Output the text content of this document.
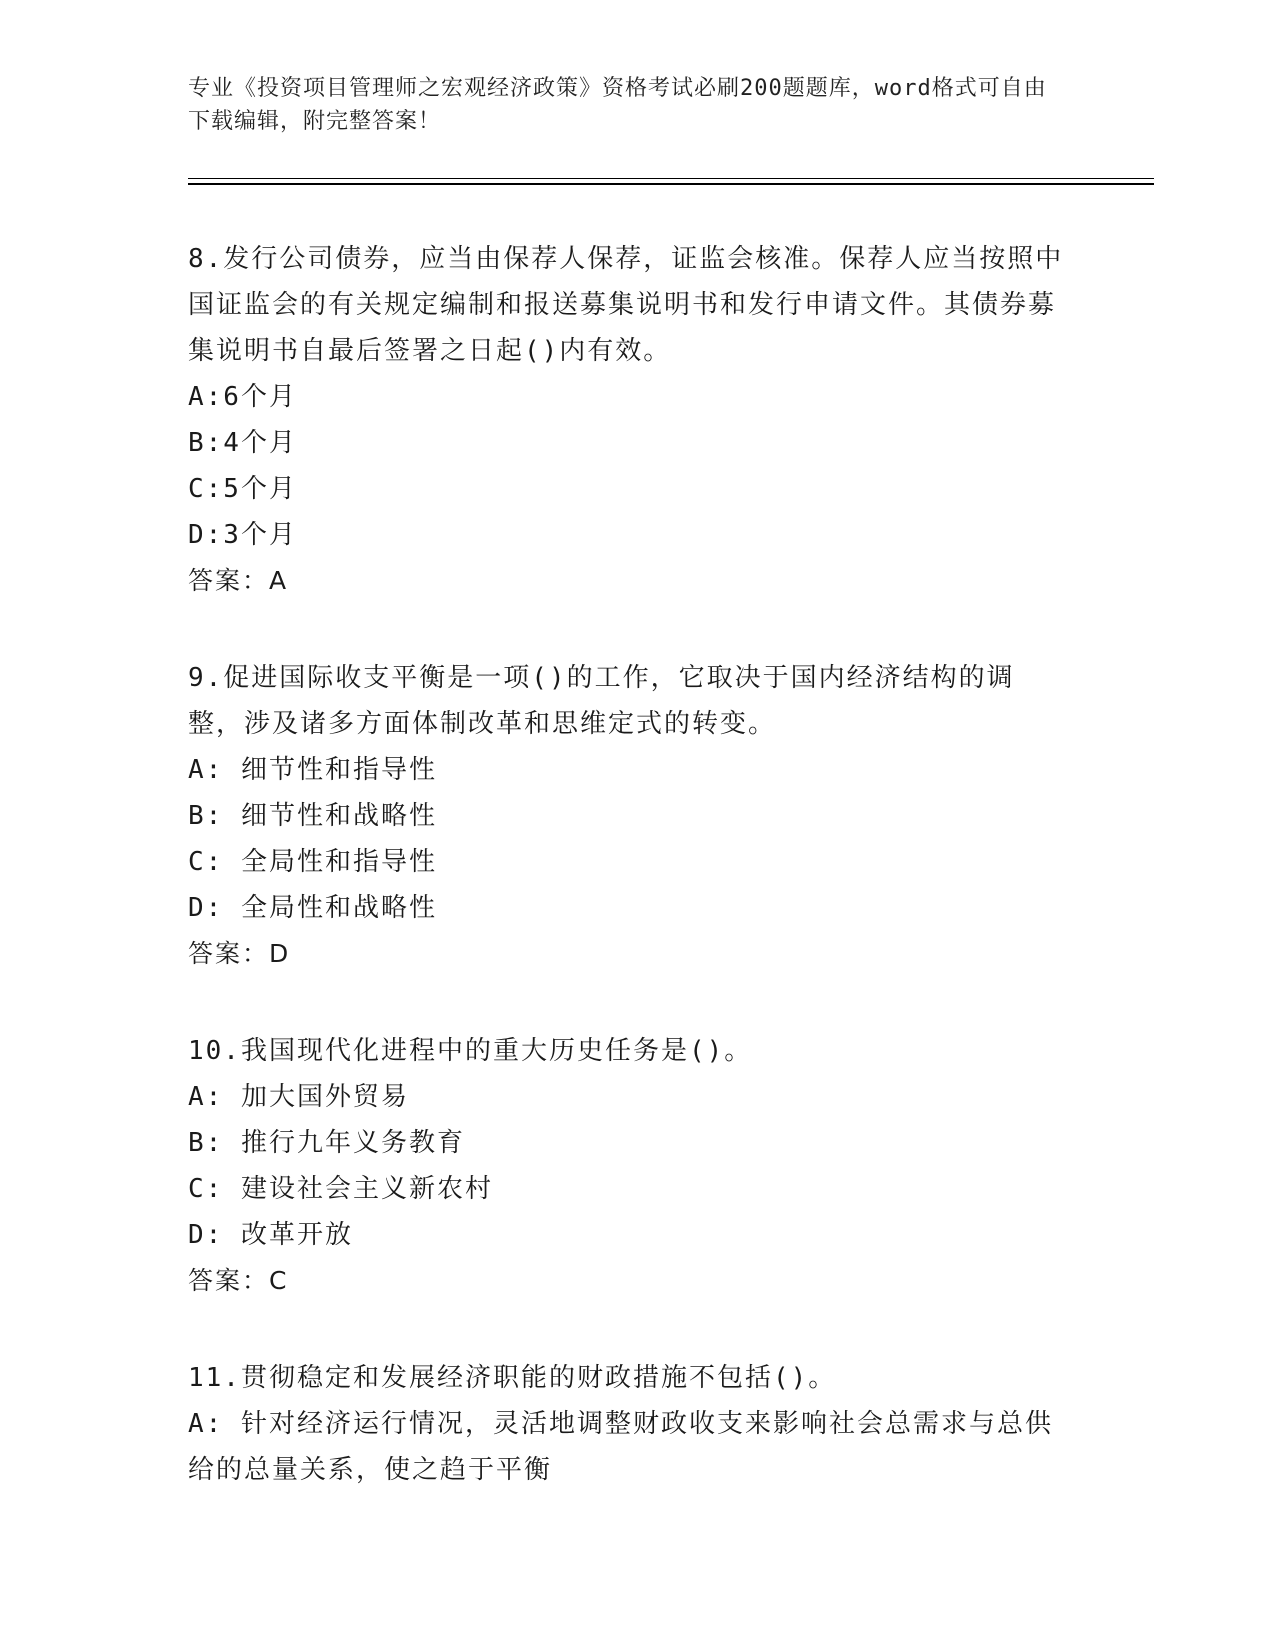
专业《投资项目管理师之宏观经济政策》资格考试必刷200题题库，word格式可自由下载编辑，附完整答案！

8.发行公司债券，应当由保荐人保荐，证监会核准。保荐人应当按照中国证监会的有关规定编制和报送募集说明书和发行申请文件。其债券募集说明书自最后签署之日起()内有效。

A:6个月

B:4个月

C:5个月

D:3个月

答案：A

9.促进国际收支平衡是一项()的工作，它取决于国内经济结构的调整，涉及诸多方面体制改革和思维定式的转变。

A: 细节性和指导性

B: 细节性和战略性

C: 全局性和指导性

D: 全局性和战略性

答案：D

10.我国现代化进程中的重大历史任务是()。

A: 加大国外贸易

B: 推行九年义务教育

C: 建设社会主义新农村

D: 改革开放

答案：C

11.贯彻稳定和发展经济职能的财政措施不包括()。

A: 针对经济运行情况，灵活地调整财政收支来影响社会总需求与总供给的总量关系，使之趋于平衡
